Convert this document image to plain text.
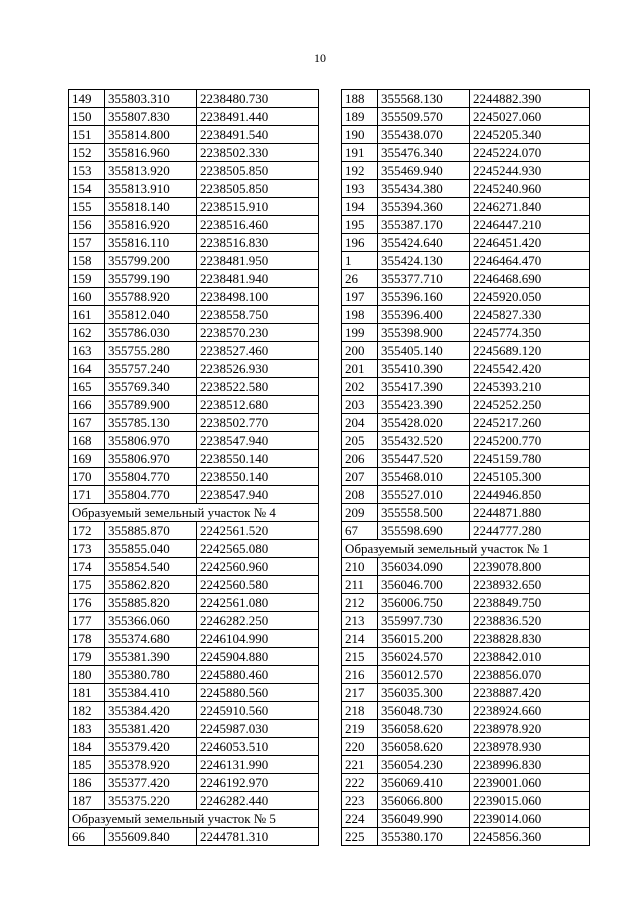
10
149	355803.310	2238480.730
150	355807.830	2238491.440
151	355814.800	2238491.540
152	355816.960	2238502.330
153	355813.920	2238505.850
154	355813.910	2238505.850
155	355818.140	2238515.910
156	355816.920	2238516.460
157	355816.110	2238516.830
158	355799.200	2238481.950
159	355799.190	2238481.940
160	355788.920	2238498.100
161	355812.040	2238558.750
162	355786.030	2238570.230
163	355755.280	2238527.460
164	355757.240	2238526.930
165	355769.340	2238522.580
166	355789.900	2238512.680
167	355785.130	2238502.770
168	355806.970	2238547.940
169	355806.970	2238550.140
170	355804.770	2238550.140
171	355804.770	2238547.940
Образуемый земельный участок № 4		
172	355885.870	2242561.520
173	355855.040	2242565.080
174	355854.540	2242560.960
175	355862.820	2242560.580
176	355885.820	2242561.080
177	355366.060	2246282.250
178	355374.680	2246104.990
179	355381.390	2245904.880
180	355380.780	2245880.460
181	355384.410	2245880.560
182	355384.420	2245910.560
183	355381.420	2245987.030
184	355379.420	2246053.510
185	355378.920	2246131.990
186	355377.420	2246192.970
187	355375.220	2246282.440
Образуемый земельный участок № 5		
66	355609.840	2244781.310
188	355568.130	2244882.390
189	355509.570	2245027.060
190	355438.070	2245205.340
191	355476.340	2245224.070
192	355469.940	2245244.930
193	355434.380	2245240.960
194	355394.360	2246271.840
195	355387.170	2246447.210
196	355424.640	2246451.420
1	355424.130	2246464.470
26	355377.710	2246468.690
197	355396.160	2245920.050
198	355396.400	2245827.330
199	355398.900	2245774.350
200	355405.140	2245689.120
201	355410.390	2245542.420
202	355417.390	2245393.210
203	355423.390	2245252.250
204	355428.020	2245217.260
205	355432.520	2245200.770
206	355447.520	2245159.780
207	355468.010	2245105.300
208	355527.010	2244946.850
209	355558.500	2244871.880
67	355598.690	2244777.280
Образуемый земельный участок № 1		
210	356034.090	2239078.800
211	356046.700	2238932.650
212	356006.750	2238849.750
213	355997.730	2238836.520
214	356015.200	2238828.830
215	356024.570	2238842.010
216	356012.570	2238856.070
217	356035.300	2238887.420
218	356048.730	2238924.660
219	356058.620	2238978.920
220	356058.620	2238978.930
221	356054.230	2238996.830
222	356069.410	2239001.060
223	356066.800	2239015.060
224	356049.990	2239014.060
225	355380.170	2245856.360
